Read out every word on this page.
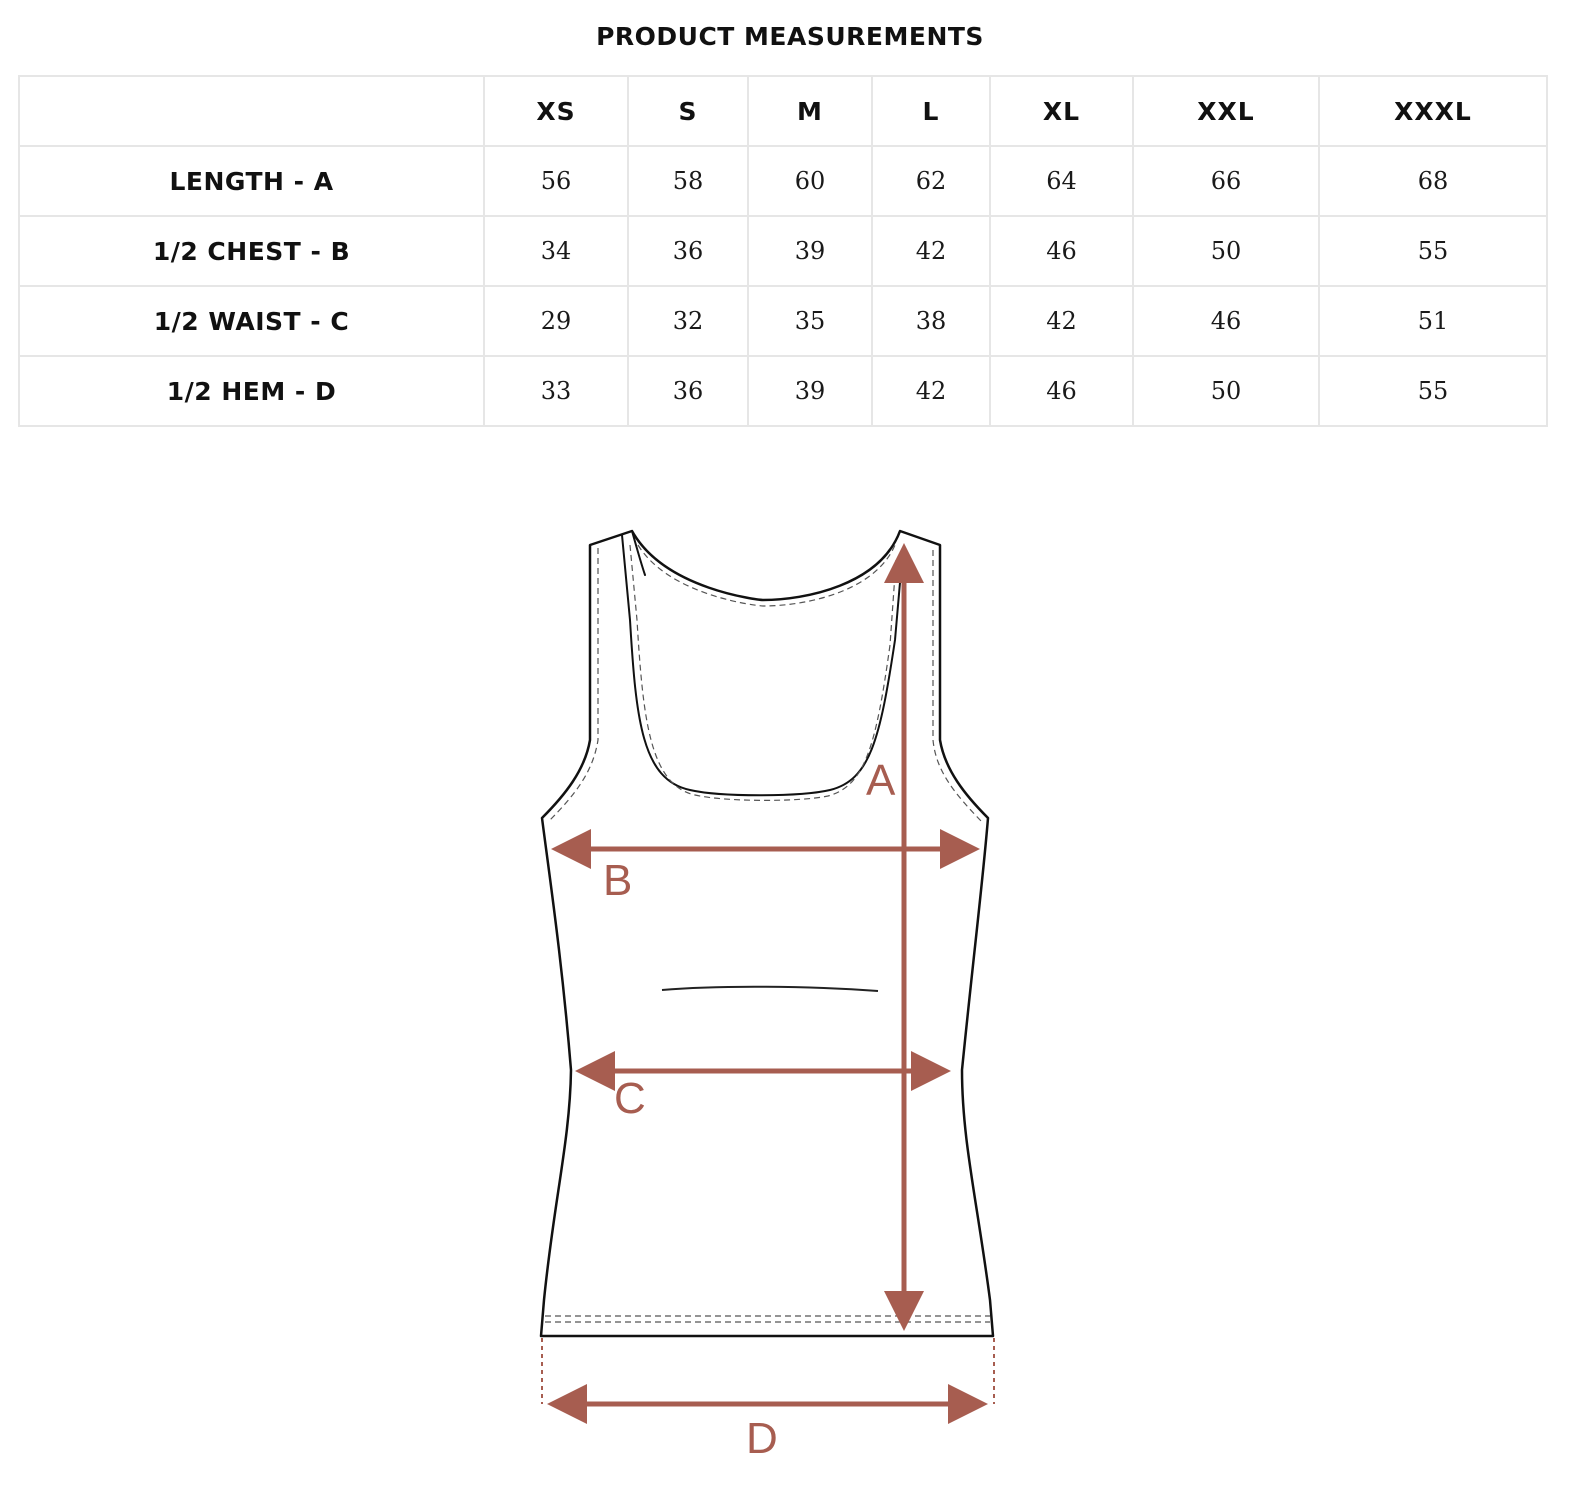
PRODUCT MEASUREMENTS
	XS	S	M	L	XL	XXL	XXXL
LENGTH - A	56	58	60	62	64	66	68
1/2 CHEST - B	34	36	39	42	46	50	55
1/2 WAIST - C	29	32	35	38	42	46	51
1/2 HEM - D	33	36	39	42	46	50	55
A
B
C
D
